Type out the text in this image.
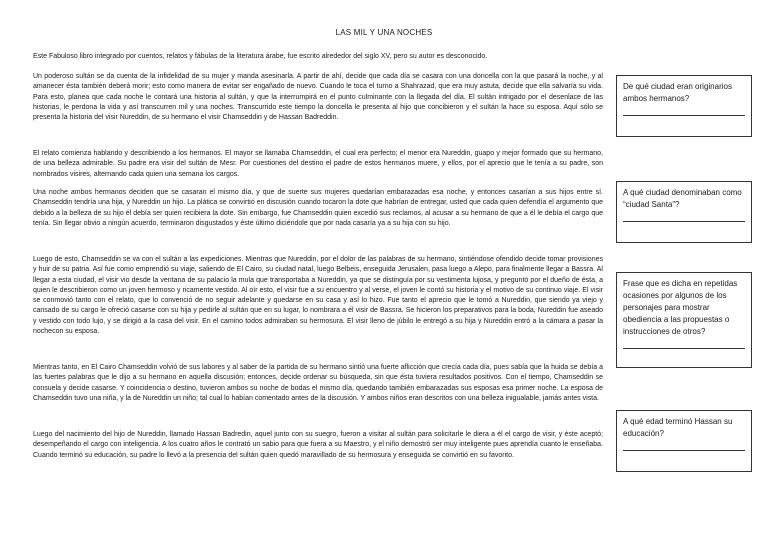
LAS MIL Y UNA NOCHES
Este Fabuloso libro integrado por cuentos, relatos y fábulas de la literatura árabe, fue escrito alrededor del siglo XV, pero su autor es desconocido.

Un poderoso sultán se da cuenta de la infidelidad de su mujer y manda asesinarla. A partir de ahí, decide que cada día se casara con una doncella con la que pasará la noche, y al amanecer ésta también deberá morir; esto como manera de evitar ser engañado de nuevo. Cuando le toca el turno a Shahrazad, que era muy astuta, decide que ella salvaría su vida. Para esto, planea que cada noche le contará una historia al sultán, y que la interrumpirá en el punto culminante con la llegada del día. El sultán intrigado por el desenlace de las historias, le perdona la vida y así transcurren mil y una noches. Transcurrido este tiempo la doncella le presenta al hijo que concibieron y el sultán la hace su esposa. Aquí sólo se presenta la historia del visir Nureddin, de su hermano el visir Chamseddin y de Hassan Badreddin.

El relato comienza hablando y describiendo a los hermanos. El mayor se llamaba Chamseddin, el cual era perfecto; el menor era Nureddin, guapo y mejor formado que su hermano, de una belleza admirable. Su padre era visir del sultán de Mesr. Por cuestiones del destino el padre de estos hermanos muere, y ellos, por el aprecio que le tenía a su padre, son nombrados visires, alternando cada quien una semana los cargos.

Una noche ambos hermanos deciden que se casaran el mismo día, y que de suerte sus mujeres quedarían embarazadas esa noche, y entonces casarían a sus hijos entre sí. Chamseddin tendría una hija, y Nureddin un hijo. La plática se convirtió en discusión cuando tocaron la dote que habrían de entregar, usted que cada quien defendía el argumento que debido a la belleza de su hijo él debía ser quien recibiera la dote. Sin embargo, fue Chamseddin quien excedió sus reclamos, al acusar a su hermano de que a él le debía el cargo que tenía. Sin llegar obvio a ningún acuerdo, terminaron disgustados y éste último diciéndole que por nada casaría ya a su hija con su hijo.

Luego de esto, Chamseddin se va con el sultán a las expediciones. Mientras que Nureddin, por el dolor de las palabras de su hermano, sintiéndose ofendido decide tomar provisiones y huir de su patria. Así fue como emprendió su viaje, saliendo de El Cairo, su ciudad natal, luego Belbeis, enseguida Jerusalen, pasa luego a Alepo, para finalmente llegar a Bassra. Al llegar a esta ciudad, el visir vio desde la ventana de su palacio la mula que transportaba a Nureddin, ya que se distinguía por su vestimenta lujosa, y preguntó por el dueño de ésta, a quien le describieron como un joven hermoso y ricamente vestido. Al oír esto, el visir fue a su encuentro y al verse, el joven le contó su historia y el motivo de su continuo viaje. El visir se conmovió tanto con el relato, que lo convenció de no seguir adelante y quedarse en su casa y así lo hizo. Fue tanto el aprecio que le tomó a Nureddin, que siendo ya viejo y cansado de su cargo le ofreció casarse con su hija y pedirle al sultán que en su lugar, lo nombrara a él visir de Bassra. Se hicieron los preparativos para la boda, Nureddin fue aseado y vestido con todo lujo, y se dirigió a la casa del visir. En el camino todos admiraban su hermosura. El visir lleno de júbilo le entregó a su hija y Nureddin entró a la cámara a pasar la nochecon su esposa.

Mientras tanto, en El Cairo Chamseddin volvió de sus labores y al saber de la partida de su hermano sintió una fuerte aflicción que crecía cada día, pues sabía que la huida se debía a las fuertes palabras que le dijo a su hermano en aquella discusión; entonces, decide ordenar su búsqueda, sin que ésta tuviera resultados positivos. Con el tiempo, Chamseddin se consuela y decide casarse. Y coincidencia o destino, tuvieron ambos su noche de bodas el mismo día, quedando también embarazadas sus esposas esa primer noche. La esposa de Chamseddin tuvo una niña, y la de Nureddin un niño; tal cual lo habían comentado antes de la discusión. Y ambos niños eran descritos con una belleza inigualable, jamás antes vista.

Luego del nacimiento del hijo de Nureddin, llamado Hassan Badredin, aquel junto con su suegro, fueron a visitar al sultán para solicitarle le diera a él el cargo de visir, y éste aceptó; desempeñando el cargo con inteligencia. A los cuatro años le contrató un sabio para que fuera a su Maestro, y el niño demostró ser muy inteligente pues aprendía cuanto le enseñaba. Cuando terminó su educación, su padre lo llevó a la presencia del sultán quien quedó maravillado de su hermosura y enseguida se convirtió en su favorito.

De qué ciudad eran originarios ambos hermanos?
A qué ciudad denominaban como “ciudad Santa”?
Frase que es dicha en repetidas ocasiones por algunos de los personajes para mostrar obediencia a las propuestas o instrucciones de otros?
A qué edad terminó Hassan su educación?
